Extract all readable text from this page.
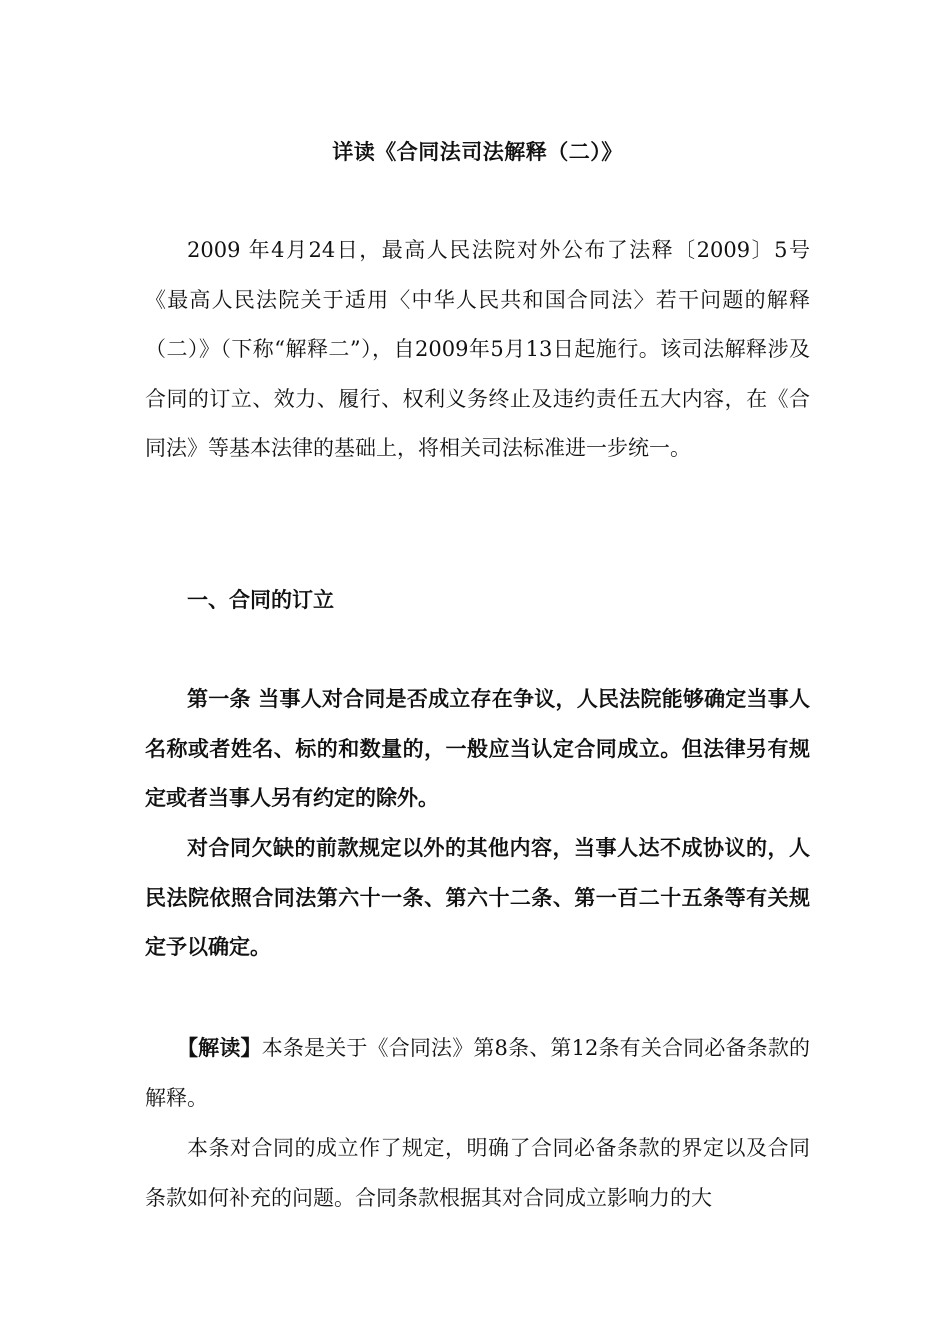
详读《合同法司法解释（二）》

2009 年4月24日，最高人民法院对外公布了法释〔2009〕5号《最高人民法院关于适用〈中华人民共和国合同法〉若干问题的解释（二）》（下称“解释二”），自2009年5月13日起施行。该司法解释涉及合同的订立、效力、履行、权利义务终止及违约责任五大内容，在《合同法》等基本法律的基础上，将相关司法标准进一步统一。

一、合同的订立

第一条 当事人对合同是否成立存在争议，人民法院能够确定当事人名称或者姓名、标的和数量的，一般应当认定合同成立。但法律另有规定或者当事人另有约定的除外。

对合同欠缺的前款规定以外的其他内容，当事人达不成协议的，人民法院依照合同法第六十一条、第六十二条、第一百二十五条等有关规定予以确定。

【解读】本条是关于《合同法》第8条、第12条有关合同必备条款的解释。

本条对合同的成立作了规定，明确了合同必备条款的界定以及合同条款如何补充的问题。合同条款根据其对合同成立影响力的大
